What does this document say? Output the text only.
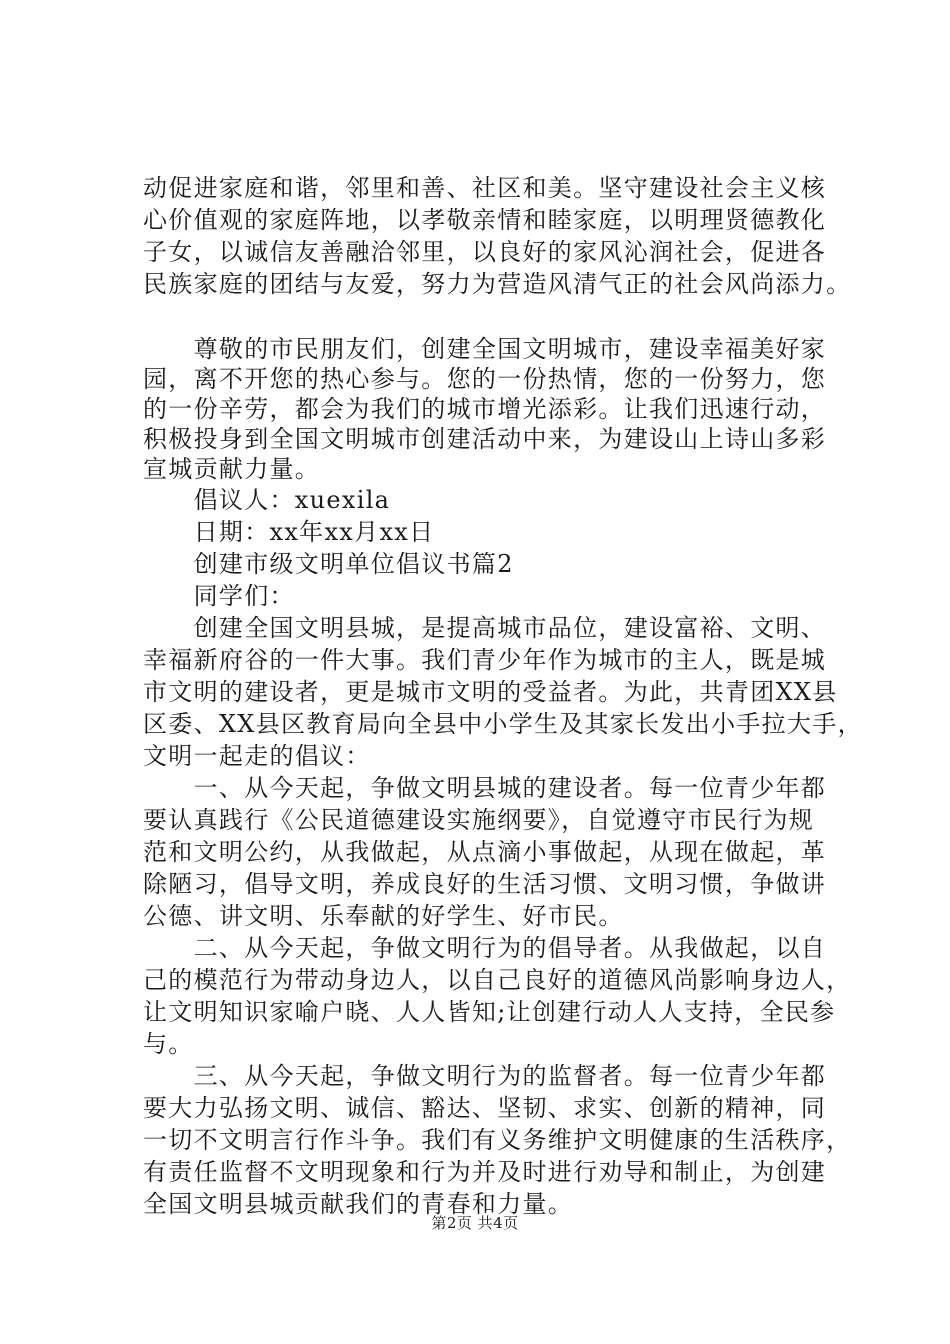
动促进家庭和谐，邻里和善、社区和美。坚守建设社会主义核
心价值观的家庭阵地，以孝敬亲情和睦家庭，以明理贤德教化
子女，以诚信友善融洽邻里，以良好的家风沁润社会，促进各
民族家庭的团结与友爱，努力为营造风清气正的社会风尚添力。
　　尊敬的市民朋友们，创建全国文明城市，建设幸福美好家
园，离不开您的热心参与。您的一份热情，您的一份努力，您
的一份辛劳，都会为我们的城市增光添彩。让我们迅速行动，
积极投身到全国文明城市创建活动中来，为建设山上诗山多彩
宣城贡献力量。
　　倡议人：xuexila
　　日期：xx年xx月xx日
　　创建市级文明单位倡议书篇2
　　同学们：
　　创建全国文明县城，是提高城市品位，建设富裕、文明、
幸福新府谷的一件大事。我们青少年作为城市的主人，既是城
市文明的建设者，更是城市文明的受益者。为此，共青团XX县
区委、XX县区教育局向全县中小学生及其家长发出小手拉大手，
文明一起走的倡议：
　　一、从今天起，争做文明县城的建设者。每一位青少年都
要认真践行《公民道德建设实施纲要》，自觉遵守市民行为规
范和文明公约，从我做起，从点滴小事做起，从现在做起，革
除陋习，倡导文明，养成良好的生活习惯、文明习惯，争做讲
公德、讲文明、乐奉献的好学生、好市民。
　　二、从今天起，争做文明行为的倡导者。从我做起，以自
己的模范行为带动身边人，以自己良好的道德风尚影响身边人，
让文明知识家喻户晓、人人皆知;让创建行动人人支持，全民参
与。
　　三、从今天起，争做文明行为的监督者。每一位青少年都
要大力弘扬文明、诚信、豁达、坚韧、求实、创新的精神，同
一切不文明言行作斗争。我们有义务维护文明健康的生活秩序，
有责任监督不文明现象和行为并及时进行劝导和制止，为创建
全国文明县城贡献我们的青春和力量。
第2页 共4页
